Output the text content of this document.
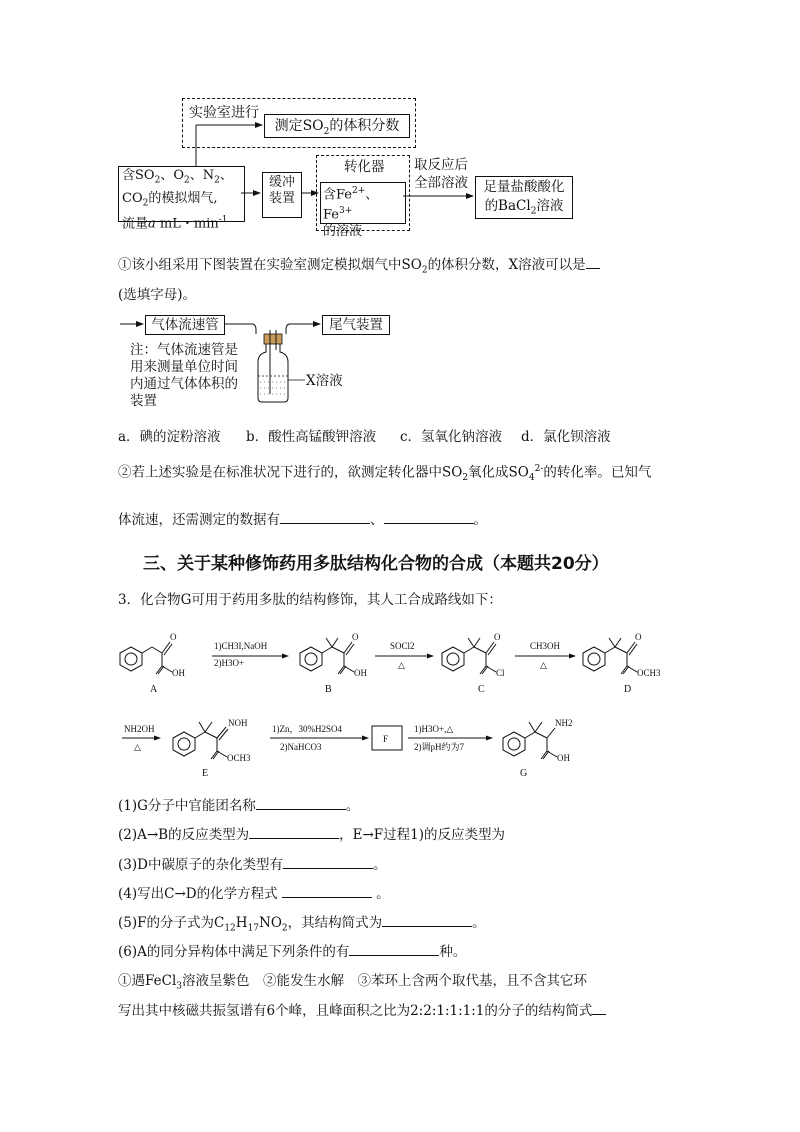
实验室进行
测定$SO_2$的体积分数
含$SO_2$、$O_2$、$N_2$、
$CO_2$的模拟烟气,
流量a mL・$\min^{-1}$
缓冲
装置
转化器
含$Fe^{2+}$、$Fe^{3+}$
的溶液
取反应后
全部溶液	足量盐酸酸化
的BaCl$_2$溶液
①该小组采用下图装置在实验室测定模拟烟气中$SO_2$的体积分数，X溶液可以是
(选填字母)。
气体流速管	尾气装置
注：气体流速管是
用来测量单位时间
内通过气体体积的
装置
X溶液
a．碘的淀粉溶液 b．酸性高锰酸钾溶液 c．氢氧化钠溶液 d．氯化钡溶液
②若上述实验是在标准状况下进行的，欲测定转化器中$SO_2$氧化成$SO_4^{2-}$的转化率。已知气
体流速，还需测定的数据有	、	。
三、关于某种修饰药用多肽结构化合物的合成（本题共20分）
3．化合物G可用于药用多肽的结构修饰，其人工合成路线如下：
O
OH
O
OH
O
Cl
O
OCH3
NOH
OCH3
NH2
OH
1)CH3I,NaOH
2)H3O+
SOCl2
△
CH3OH
△
NH2OH
△
1)Zn，30%H2SO4
2)NaHCO3
F
1)H3O+,△
2)调pH约为7
A	B	C	D
E	G
(1)G分子中官能团名称	。
(2)A→B的反应类型为	，E→F过程1)的反应类型为
(3)D中碳原子的杂化类型有	。
(4)写出C→D的化学方程式	。
(5)F的分子式为$C_{12}H_{17}NO_2$，其结构简式为	。
(6)A的同分异构体中满足下列条件的有	种。
①遇FeCl$_3$溶液呈紫色　②能发生水解　③苯环上含两个取代基，且不含其它环
写出其中核磁共振氢谱有6个峰，且峰面积之比为2:2:1:1:1:1的分子的结构简式
